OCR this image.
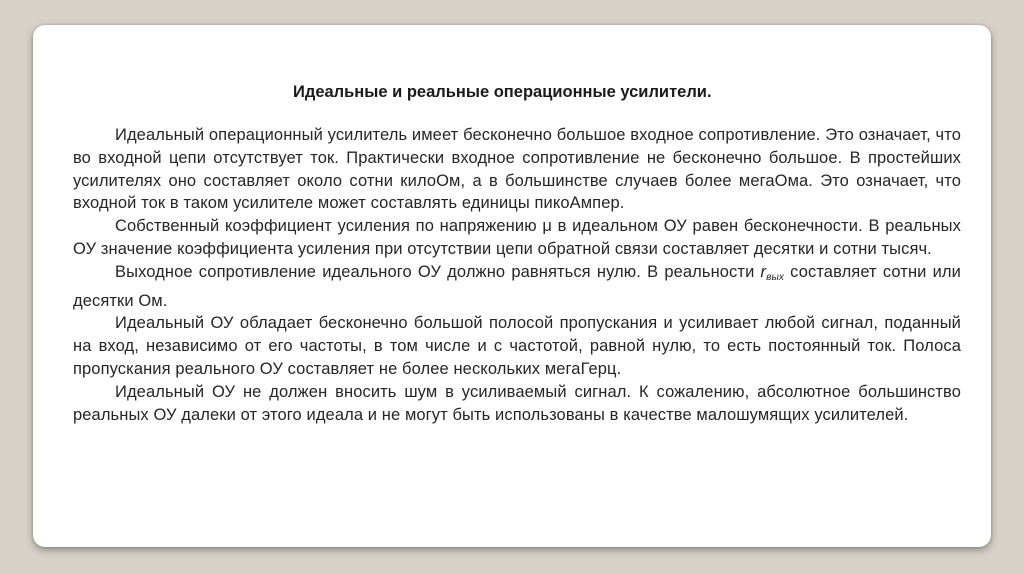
Идеальные и реальные операционные усилители.

Идеальный операционный усилитель имеет бесконечно большое входное сопротивление. Это означает, что во входной цепи отсутствует ток. Практически входное сопротивление не бесконечно большое. В простейших усилителях оно составляет около сотни килоОм, а в большинстве случаев более мегаОма. Это означает, что входной ток в таком усилителе может составлять единицы пикоАмпер.

Собственный коэффициент усиления по напряжению μ в идеальном ОУ равен бесконечности. В реальных ОУ значение коэффициента усиления при отсутствии цепи обратной связи составляет десятки и сотни тысяч.

Выходное сопротивление идеального ОУ должно равняться нулю. В реальности rвых составляет сотни или десятки Ом.

Идеальный ОУ обладает бесконечно большой полосой пропускания и усиливает любой сигнал, поданный на вход, независимо от его частоты, в том числе и с частотой, равной нулю, то есть постоянный ток. Полоса пропускания реального ОУ составляет не более нескольких мегаГерц.

Идеальный ОУ не должен вносить шум в усиливаемый сигнал. К сожалению, абсолютное большинство реальных ОУ далеки от этого идеала и не могут быть использованы в качестве малошумящих усилителей.
